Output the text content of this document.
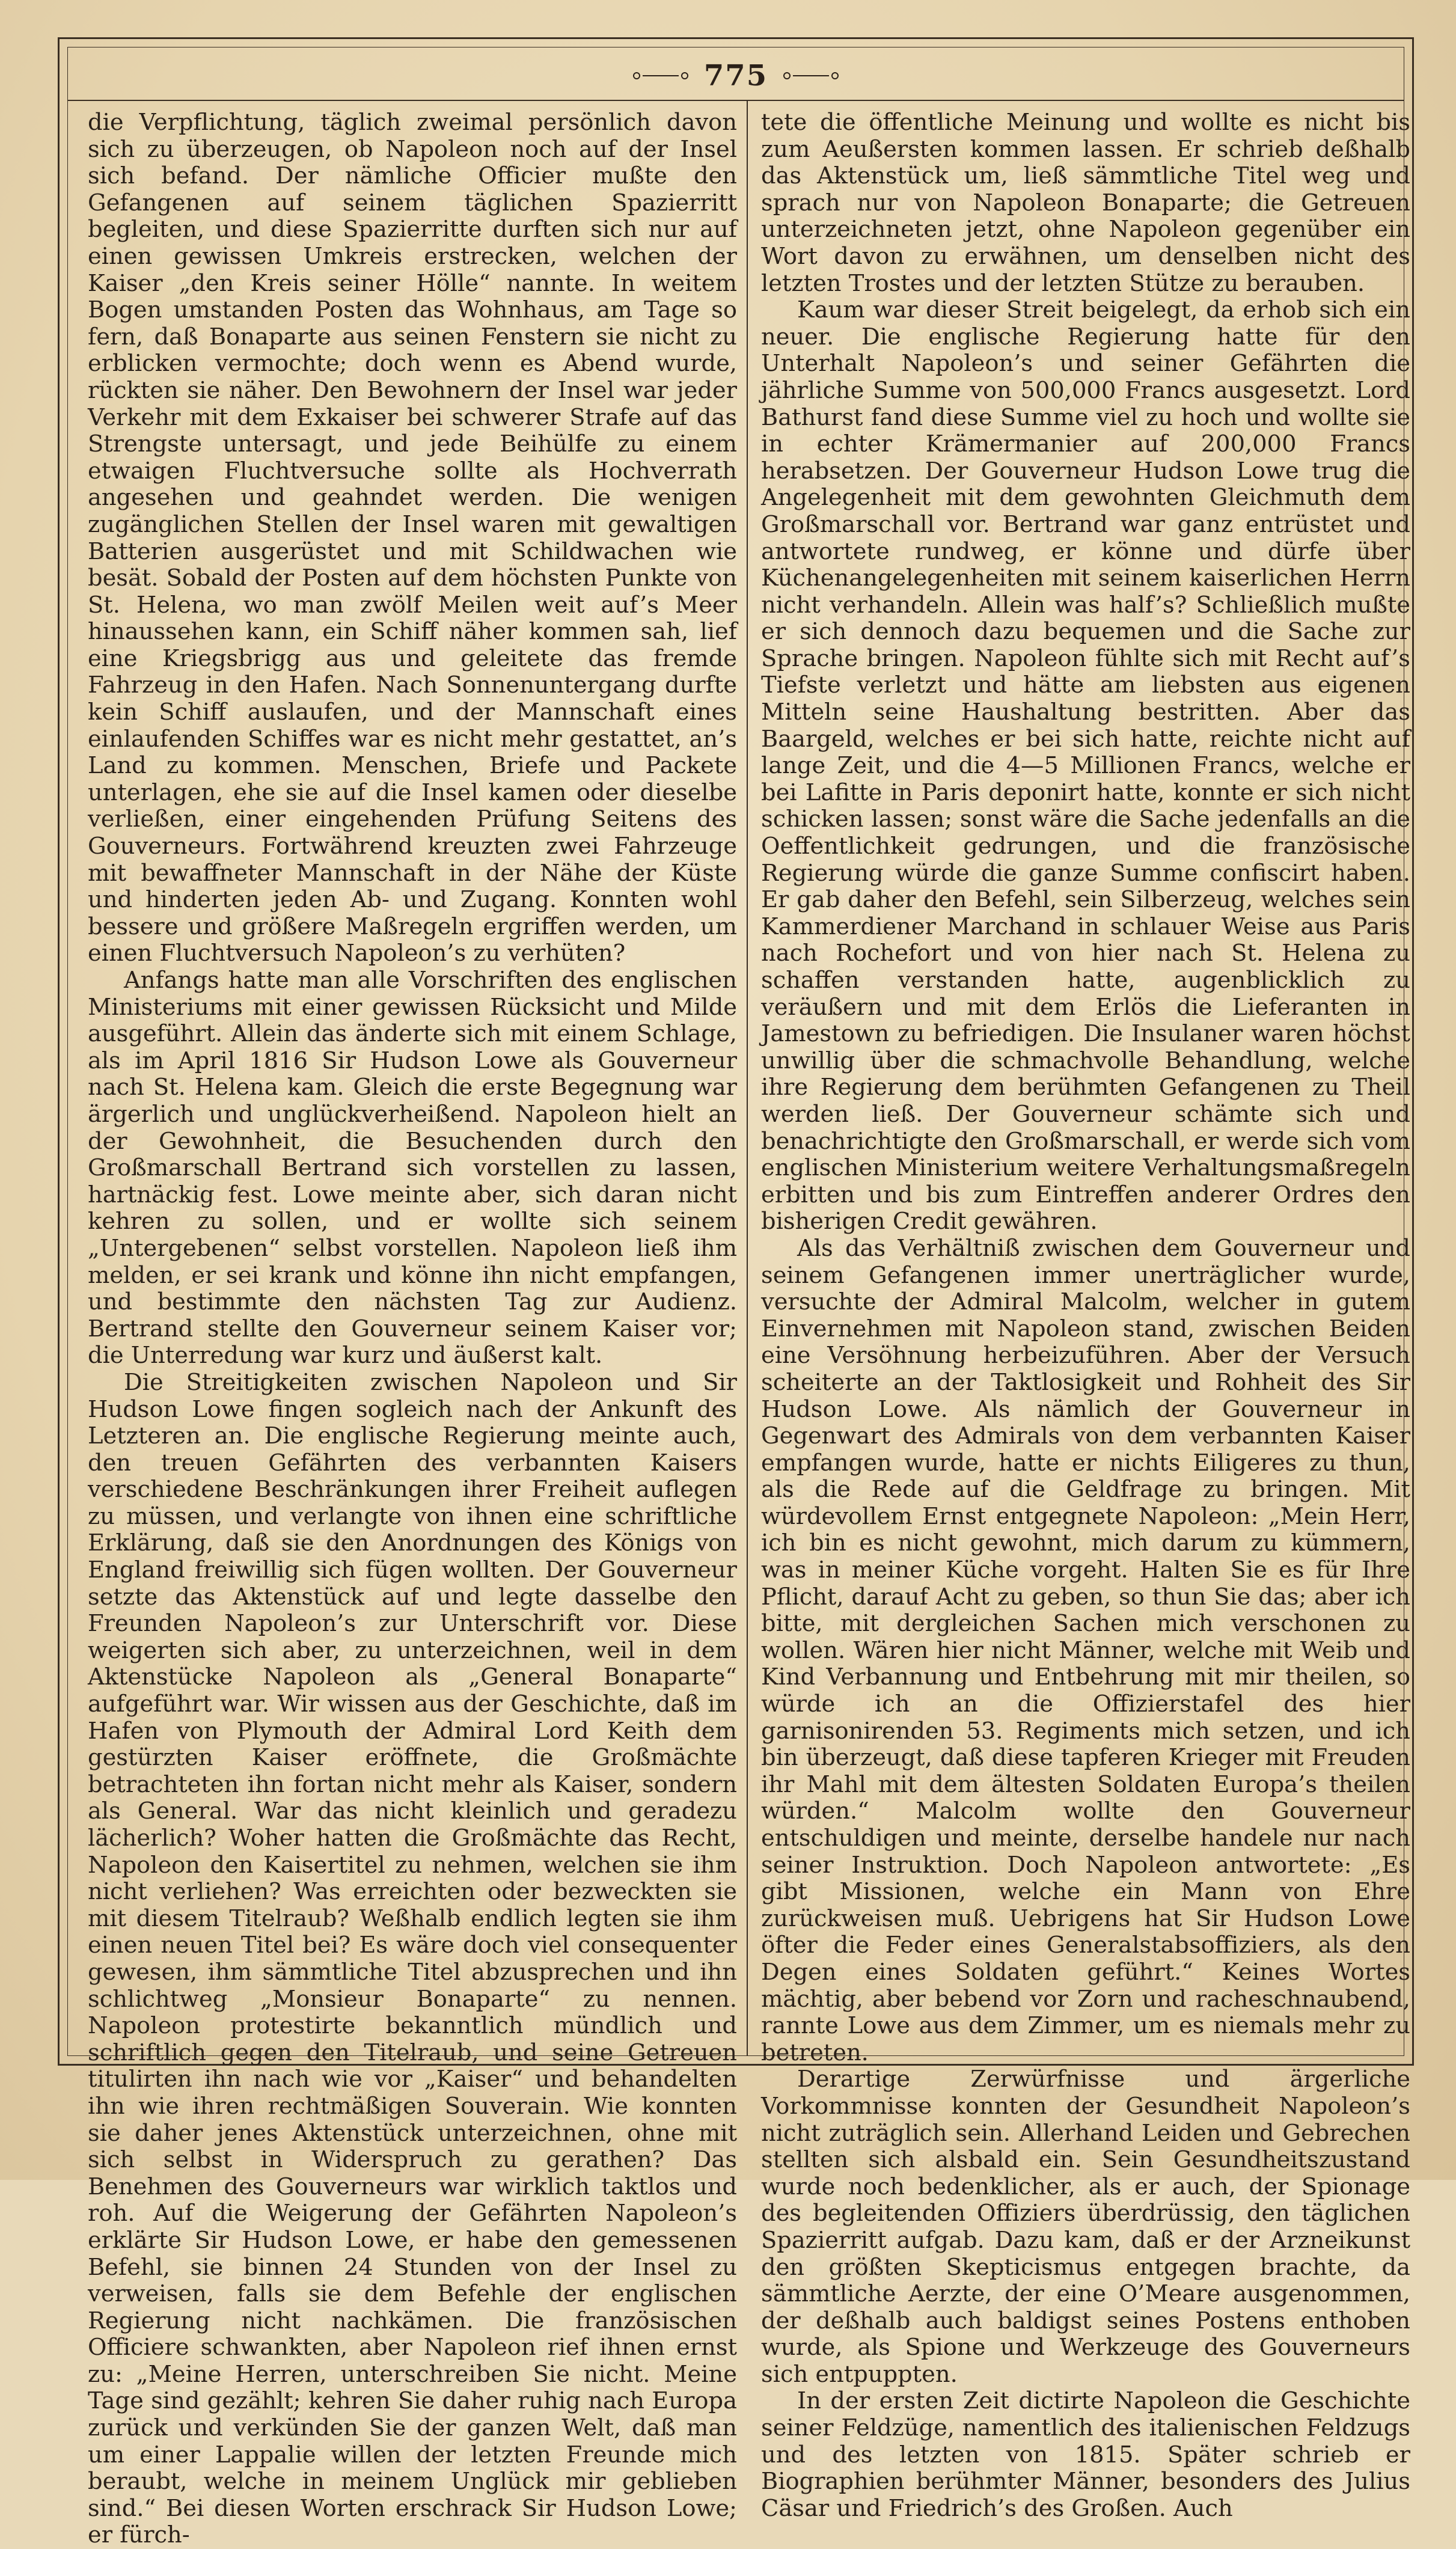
775

die Verpflichtung, täglich zweimal persönlich davon sich zu überzeugen, ob Napoleon noch auf der Insel sich befand. Der nämliche Officier mußte den Gefangenen auf seinem täglichen Spazierritt begleiten, und diese Spazierritte durften sich nur auf einen gewissen Umkreis erstrecken, welchen der Kaiser „den Kreis seiner Hölle“ nannte. In weitem Bogen umstanden Posten das Wohnhaus, am Tage so fern, daß Bonaparte aus seinen Fenstern sie nicht zu erblicken vermochte; doch wenn es Abend wurde, rückten sie näher. Den Bewohnern der Insel war jeder Verkehr mit dem Exkaiser bei schwerer Strafe auf das Strengste untersagt, und jede Beihülfe zu einem etwaigen Fluchtversuche sollte als Hochverrath angesehen und geahndet werden. Die wenigen zugänglichen Stellen der Insel waren mit gewaltigen Batterien ausgerüstet und mit Schildwachen wie besät. Sobald der Posten auf dem höchsten Punkte von St. Helena, wo man zwölf Meilen weit auf’s Meer hinaussehen kann, ein Schiff näher kommen sah, lief eine Kriegsbrigg aus und geleitete das fremde Fahrzeug in den Hafen. Nach Sonnenuntergang durfte kein Schiff auslaufen, und der Mannschaft eines einlaufenden Schiffes war es nicht mehr gestattet, an’s Land zu kommen. Menschen, Briefe und Packete unterlagen, ehe sie auf die Insel kamen oder dieselbe verließen, einer eingehenden Prüfung Seitens des Gouverneurs. Fortwährend kreuzten zwei Fahrzeuge mit bewaffneter Mannschaft in der Nähe der Küste und hinderten jeden Ab- und Zugang. Konnten wohl bessere und größere Maßregeln ergriffen werden, um einen Fluchtversuch Napoleon’s zu verhüten?

Anfangs hatte man alle Vorschriften des englischen Ministeriums mit einer gewissen Rücksicht und Milde ausgeführt. Allein das änderte sich mit einem Schlage, als im April 1816 Sir Hudson Lowe als Gouverneur nach St. Helena kam. Gleich die erste Begegnung war ärgerlich und unglückverheißend. Napoleon hielt an der Gewohnheit, die Besuchenden durch den Großmarschall Bertrand sich vorstellen zu lassen, hartnäckig fest. Lowe meinte aber, sich daran nicht kehren zu sollen, und er wollte sich seinem „Untergebenen“ selbst vorstellen. Napoleon ließ ihm melden, er sei krank und könne ihn nicht empfangen, und bestimmte den nächsten Tag zur Audienz. Bertrand stellte den Gouverneur seinem Kaiser vor; die Unterredung war kurz und äußerst kalt.

Die Streitigkeiten zwischen Napoleon und Sir Hudson Lowe fingen sogleich nach der Ankunft des Letzteren an. Die englische Regierung meinte auch, den treuen Gefährten des verbannten Kaisers verschiedene Beschränkungen ihrer Freiheit auflegen zu müssen, und verlangte von ihnen eine schriftliche Erklärung, daß sie den Anordnungen des Königs von England freiwillig sich fügen wollten. Der Gouverneur setzte das Aktenstück auf und legte dasselbe den Freunden Napoleon’s zur Unterschrift vor. Diese weigerten sich aber, zu unterzeichnen, weil in dem Aktenstücke Napoleon als „General Bonaparte“ aufgeführt war. Wir wissen aus der Geschichte, daß im Hafen von Plymouth der Admiral Lord Keith dem gestürzten Kaiser eröffnete, die Großmächte betrachteten ihn fortan nicht mehr als Kaiser, sondern als General. War das nicht kleinlich und geradezu lächerlich? Woher hatten die Großmächte das Recht, Napoleon den Kaisertitel zu nehmen, welchen sie ihm nicht verliehen? Was erreichten oder bezweckten sie mit diesem Titelraub? Weßhalb endlich legten sie ihm einen neuen Titel bei? Es wäre doch viel consequenter gewesen, ihm sämmtliche Titel abzusprechen und ihn schlichtweg „Monsieur Bonaparte“ zu nennen. Napoleon protestirte bekanntlich mündlich und schriftlich gegen den Titelraub, und seine Getreuen titulirten ihn nach wie vor „Kaiser“ und behandelten ihn wie ihren rechtmäßigen Souverain. Wie konnten sie daher jenes Aktenstück unterzeichnen, ohne mit sich selbst in Widerspruch zu gerathen? Das Benehmen des Gouverneurs war wirklich taktlos und roh. Auf die Weigerung der Gefährten Napoleon’s erklärte Sir Hudson Lowe, er habe den gemessenen Befehl, sie binnen 24 Stunden von der Insel zu verweisen, falls sie dem Befehle der englischen Regierung nicht nachkämen. Die französischen Officiere schwankten, aber Napoleon rief ihnen ernst zu: „Meine Herren, unterschreiben Sie nicht. Meine Tage sind gezählt; kehren Sie daher ruhig nach Europa zurück und verkünden Sie der ganzen Welt, daß man um einer Lappalie willen der letzten Freunde mich beraubt, welche in meinem Unglück mir geblieben sind.“ Bei diesen Worten erschrack Sir Hudson Lowe; er fürch-

tete die öffentliche Meinung und wollte es nicht bis zum Aeußersten kommen lassen. Er schrieb deßhalb das Aktenstück um, ließ sämmtliche Titel weg und sprach nur von Napoleon Bonaparte; die Getreuen unterzeichneten jetzt, ohne Napoleon gegenüber ein Wort davon zu erwähnen, um denselben nicht des letzten Trostes und der letzten Stütze zu berauben.

Kaum war dieser Streit beigelegt, da erhob sich ein neuer. Die englische Regierung hatte für den Unterhalt Napoleon’s und seiner Gefährten die jährliche Summe von 500,000 Francs ausgesetzt. Lord Bathurst fand diese Summe viel zu hoch und wollte sie in echter Krämermanier auf 200,000 Francs herabsetzen. Der Gouverneur Hudson Lowe trug die Angelegenheit mit dem gewohnten Gleichmuth dem Großmarschall vor. Bertrand war ganz entrüstet und antwortete rundweg, er könne und dürfe über Küchenangelegenheiten mit seinem kaiserlichen Herrn nicht verhandeln. Allein was half’s? Schließlich mußte er sich dennoch dazu bequemen und die Sache zur Sprache bringen. Napoleon fühlte sich mit Recht auf’s Tiefste verletzt und hätte am liebsten aus eigenen Mitteln seine Haushaltung bestritten. Aber das Baargeld, welches er bei sich hatte, reichte nicht auf lange Zeit, und die 4—5 Millionen Francs, welche er bei Lafitte in Paris deponirt hatte, konnte er sich nicht schicken lassen; sonst wäre die Sache jedenfalls an die Oeffentlichkeit gedrungen, und die französische Regierung würde die ganze Summe confiscirt haben. Er gab daher den Befehl, sein Silberzeug, welches sein Kammerdiener Marchand in schlauer Weise aus Paris nach Rochefort und von hier nach St. Helena zu schaffen verstanden hatte, augenblicklich zu veräußern und mit dem Erlös die Lieferanten in Jamestown zu befriedigen. Die Insulaner waren höchst unwillig über die schmachvolle Behandlung, welche ihre Regierung dem berühmten Gefangenen zu Theil werden ließ. Der Gouverneur schämte sich und benachrichtigte den Großmarschall, er werde sich vom englischen Ministerium weitere Verhaltungsmaßregeln erbitten und bis zum Eintreffen anderer Ordres den bisherigen Credit gewähren.

Als das Verhältniß zwischen dem Gouverneur und seinem Gefangenen immer unerträglicher wurde, versuchte der Admiral Malcolm, welcher in gutem Einvernehmen mit Napoleon stand, zwischen Beiden eine Versöhnung herbeizuführen. Aber der Versuch scheiterte an der Taktlosigkeit und Rohheit des Sir Hudson Lowe. Als nämlich der Gouverneur in Gegenwart des Admirals von dem verbannten Kaiser empfangen wurde, hatte er nichts Eiligeres zu thun, als die Rede auf die Geldfrage zu bringen. Mit würdevollem Ernst entgegnete Napoleon: „Mein Herr, ich bin es nicht gewohnt, mich darum zu kümmern, was in meiner Küche vorgeht. Halten Sie es für Ihre Pflicht, darauf Acht zu geben, so thun Sie das; aber ich bitte, mit dergleichen Sachen mich verschonen zu wollen. Wären hier nicht Männer, welche mit Weib und Kind Verbannung und Entbehrung mit mir theilen, so würde ich an die Offizierstafel des hier garnisonirenden 53. Regiments mich setzen, und ich bin überzeugt, daß diese tapferen Krieger mit Freuden ihr Mahl mit dem ältesten Soldaten Europa’s theilen würden.“ Malcolm wollte den Gouverneur entschuldigen und meinte, derselbe handele nur nach seiner Instruktion. Doch Napoleon antwortete: „Es gibt Missionen, welche ein Mann von Ehre zurückweisen muß. Uebrigens hat Sir Hudson Lowe öfter die Feder eines Generalstabsoffiziers, als den Degen eines Soldaten geführt.“ Keines Wortes mächtig, aber bebend vor Zorn und racheschnaubend, rannte Lowe aus dem Zimmer, um es niemals mehr zu betreten.

Derartige Zerwürfnisse und ärgerliche Vorkommnisse konnten der Gesundheit Napoleon’s nicht zuträglich sein. Allerhand Leiden und Gebrechen stellten sich alsbald ein. Sein Gesundheitszustand wurde noch bedenklicher, als er auch, der Spionage des begleitenden Offiziers überdrüssig, den täglichen Spazierritt aufgab. Dazu kam, daß er der Arzneikunst den größten Skepticismus entgegen brachte, da sämmtliche Aerzte, der eine O’Meare ausgenommen, der deßhalb auch baldigst seines Postens enthoben wurde, als Spione und Werkzeuge des Gouverneurs sich entpuppten.

In der ersten Zeit dictirte Napoleon die Geschichte seiner Feldzüge, namentlich des italienischen Feldzugs und des letzten von 1815. Später schrieb er Biographien berühmter Männer, besonders des Julius Cäsar und Friedrich’s des Großen. Auch
